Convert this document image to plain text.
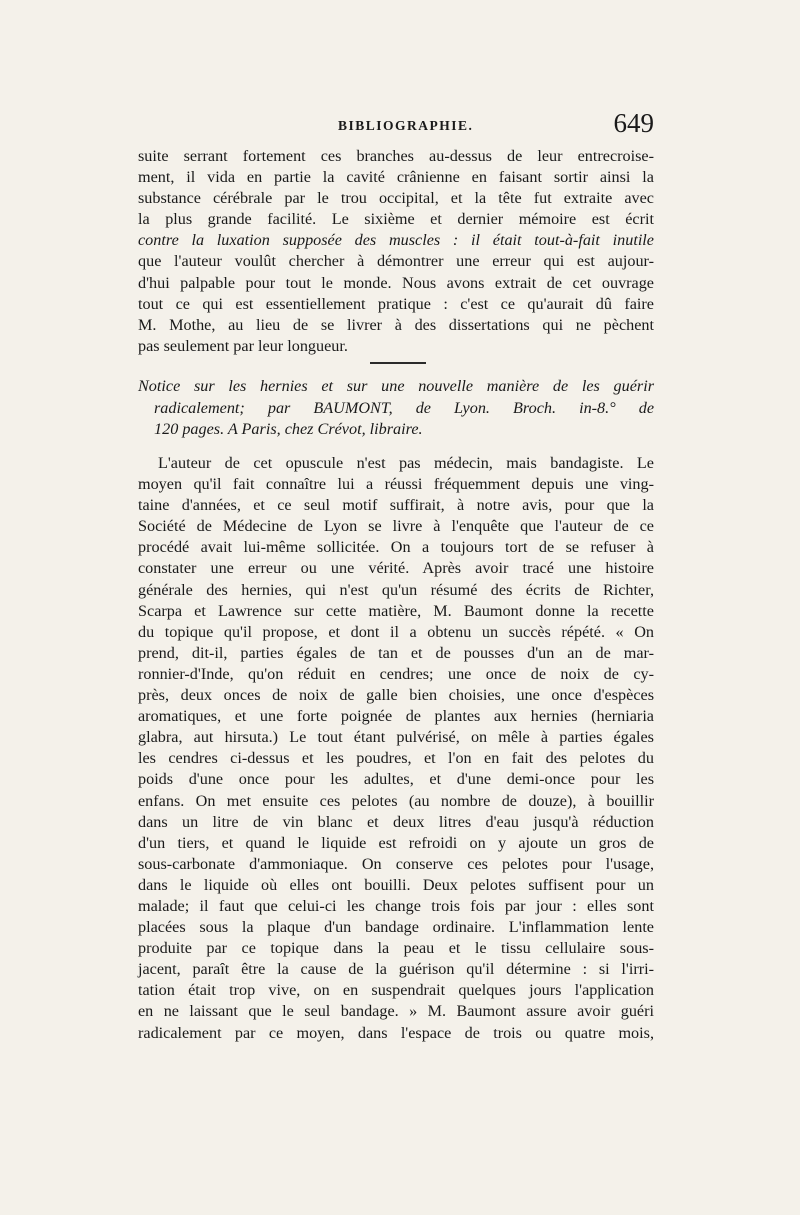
BIBLIOGRAPHIE.	649
suite serrant fortement ces branches au-dessus de leur entrecroise-
ment, il vida en partie la cavité crânienne en faisant sortir ainsi la
substance cérébrale par le trou occipital, et la tête fut extraite avec
la plus grande facilité. Le sixième et dernier mémoire est écrit
contre la luxation supposée des muscles : il était tout-à-fait inutile
que l'auteur voulût chercher à démontrer une erreur qui est aujour-
d'hui palpable pour tout le monde. Nous avons extrait de cet ouvrage
tout ce qui est essentiellement pratique : c'est ce qu'aurait dû faire
M. Mothe, au lieu de se livrer à des dissertations qui ne pèchent
pas seulement par leur longueur.
Notice sur les hernies et sur une nouvelle manière de les guérir
radicalement; par BAUMONT, de Lyon. Broch. in-8.° de
120 pages. A Paris, chez Crévot, libraire.
L'auteur de cet opuscule n'est pas médecin, mais bandagiste. Le
moyen qu'il fait connaître lui a réussi fréquemment depuis une ving-
taine d'années, et ce seul motif suffirait, à notre avis, pour que la
Société de Médecine de Lyon se livre à l'enquête que l'auteur de ce
procédé avait lui-même sollicitée. On a toujours tort de se refuser à
constater une erreur ou une vérité. Après avoir tracé une histoire
générale des hernies, qui n'est qu'un résumé des écrits de Richter,
Scarpa et Lawrence sur cette matière, M. Baumont donne la recette
du topique qu'il propose, et dont il a obtenu un succès répété. « On
prend, dit-il, parties égales de tan et de pousses d'un an de mar-
ronnier-d'Inde, qu'on réduit en cendres; une once de noix de cy-
près, deux onces de noix de galle bien choisies, une once d'espèces
aromatiques, et une forte poignée de plantes aux hernies (herniaria
glabra, aut hirsuta.) Le tout étant pulvérisé, on mêle à parties égales
les cendres ci-dessus et les poudres, et l'on en fait des pelotes du
poids d'une once pour les adultes, et d'une demi-once pour les
enfans. On met ensuite ces pelotes (au nombre de douze), à bouillir
dans un litre de vin blanc et deux litres d'eau jusqu'à réduction
d'un tiers, et quand le liquide est refroidi on y ajoute un gros de
sous-carbonate d'ammoniaque. On conserve ces pelotes pour l'usage,
dans le liquide où elles ont bouilli. Deux pelotes suffisent pour un
malade; il faut que celui-ci les change trois fois par jour : elles sont
placées sous la plaque d'un bandage ordinaire. L'inflammation lente
produite par ce topique dans la peau et le tissu cellulaire sous-
jacent, paraît être la cause de la guérison qu'il détermine : si l'irri-
tation était trop vive, on en suspendrait quelques jours l'application
en ne laissant que le seul bandage. » M. Baumont assure avoir guéri
radicalement par ce moyen, dans l'espace de trois ou quatre mois,
